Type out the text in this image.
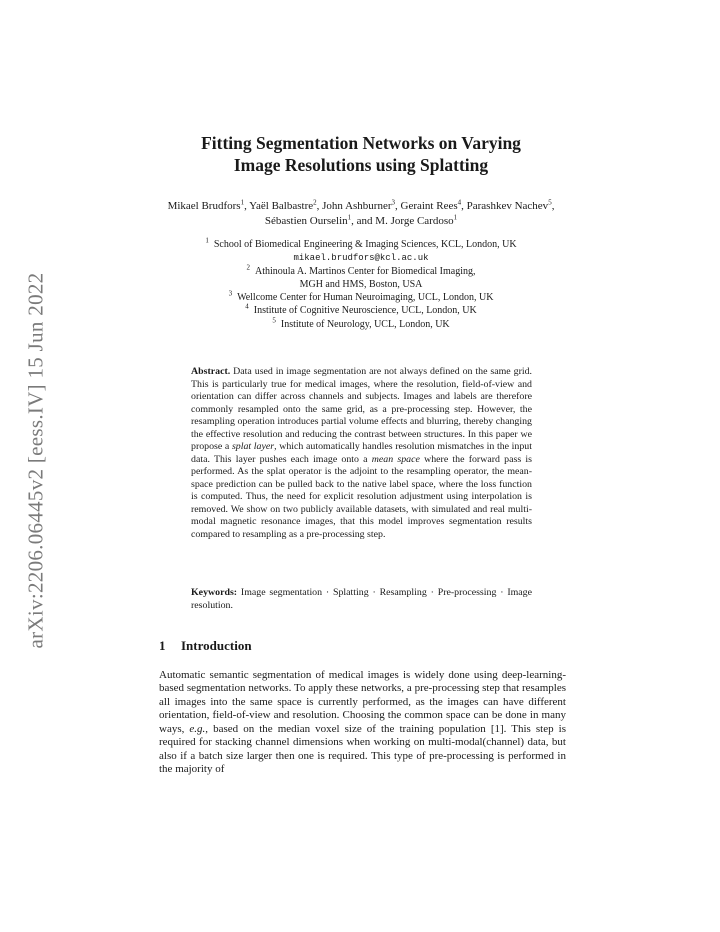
arXiv:2206.06445v2 [eess.IV] 15 Jun 2022
Fitting Segmentation Networks on Varying
Image Resolutions using Splatting
Mikael Brudfors$^1$, Yaël Balbastre$^2$, John Ashburner$^3$, Geraint Rees$^4$, Parashkev Nachev$^5$, Sébastien Ourselin$^1$, and M. Jorge Cardoso$^1$
$^1$  School of Biomedical Engineering & Imaging Sciences, KCL, London, UK
mikael.brudfors@kcl.ac.uk
$^2$  Athinoula A. Martinos Center for Biomedical Imaging,
MGH and HMS, Boston, USA
$^3$  Wellcome Center for Human Neuroimaging, UCL, London, UK
$^4$  Institute of Cognitive Neuroscience, UCL, London, UK
$^5$  Institute of Neurology, UCL, London, UK
Abstract. Data used in image segmentation are not always defined on the same grid. This is particularly true for medical images, where the resolution, field-of-view and orientation can differ across channels and subjects. Images and labels are therefore commonly resampled onto the same grid, as a pre-processing step. However, the resampling operation introduces partial volume effects and blurring, thereby changing the effective resolution and reducing the contrast between structures. In this paper we propose a splat layer, which automatically handles resolution mismatches in the input data. This layer pushes each image onto a mean space where the forward pass is performed. As the splat operator is the adjoint to the resampling operator, the mean-space prediction can be pulled back to the native label space, where the loss function is computed. Thus, the need for explicit resolution adjustment using interpolation is removed. We show on two publicly available datasets, with simulated and real multi-modal magnetic resonance images, that this model improves segmentation results compared to resampling as a pre-processing step.
Keywords: Image segmentation · Splatting · Resampling · Pre-processing · Image resolution.
1 Introduction
Automatic semantic segmentation of medical images is widely done using deep-learning-based segmentation networks. To apply these networks, a pre-processing step that resamples all images into the same space is currently performed, as the images can have different orientation, field-of-view and resolution. Choosing the common space can be done in many ways, e.g., based on the median voxel size of the training population [1]. This step is required for stacking channel dimensions when working on multi-modal(channel) data, but also if a batch size larger then one is required. This type of pre-processing is performed in the majority of
